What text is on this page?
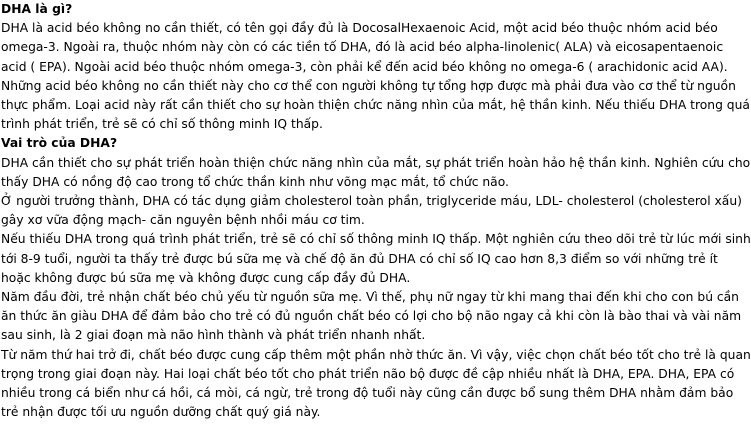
DHA là gì?

DHA là acid béo không no cần thiết, có tên gọi đầy đủ là DocosalHexaenoic Acid, một acid béo thuộc nhóm acid béo omega-3. Ngoài ra, thuộc nhóm này còn có các tiền tố DHA, đó là acid béo alpha-linolenic( ALA) và eicosapentaenoic acid ( EPA). Ngoài acid béo thuộc nhóm omega-3, còn phải kể đến acid béo không no omega-6 ( arachidonic acid AA). Những acid béo không no cần thiết này cho cơ thể con người không tự tổng hợp được mà phải đưa vào cơ thể từ nguồn thực phẩm. Loại acid này rất cần thiết cho sự hoàn thiện chức năng nhìn của mắt, hệ thần kinh. Nếu thiếu DHA trong quá trình phát triển, trẻ sẽ có chỉ số thông minh IQ thấp.

Vai trò của DHA?

DHA cần thiết cho sự phát triển hoàn thiện chức năng nhìn của mắt, sự phát triển hoàn hảo hệ thần kinh. Nghiên cứu cho thấy DHA có nồng độ cao trong tổ chức thần kinh như võng mạc mắt, tổ chức não.

Ở người trưởng thành, DHA có tác dụng giảm cholesterol toàn phần, triglyceride máu, LDL- cholesterol (cholesterol xấu) gây xơ vữa động mạch- căn nguyên bệnh nhồi máu cơ tim.

Nếu thiếu DHA trong quá trình phát triển, trẻ sẽ có chỉ số thông minh IQ thấp. Một nghiên cứu theo dõi trẻ từ lúc mới sinh tới 8-9 tuổi, người ta thấy trẻ được bú sữa mẹ và chế độ ăn đủ DHA có chỉ số IQ cao hơn 8,3 điểm so với những trẻ ít hoặc không được bú sữa mẹ và không được cung cấp đầy đủ DHA.

Năm đầu đời, trẻ nhận chất béo chủ yếu từ nguồn sữa mẹ. Vì thế, phụ nữ ngay từ khi mang thai đến khi cho con bú cần ăn thức ăn giàu DHA để đảm bảo cho trẻ có đủ nguồn chất béo có lợi cho bộ não ngay cả khi còn là bào thai và vài năm sau sinh, là 2 giai đoạn mà não hình thành và phát triển nhanh nhất.

Từ năm thứ hai trở đi, chất béo được cung cấp thêm một phần nhờ thức ăn. Vì vậy, việc chọn chất béo tốt cho trẻ là quan trọng trong giai đoạn này. Hai loại chất béo tốt cho phát triển não bộ được đề cập nhiều nhất là DHA, EPA. DHA, EPA có nhiều trong cá biển như cá hồi, cá mòi, cá ngừ, trẻ trong độ tuổi này cũng cần được bổ sung thêm DHA nhằm đảm bảo trẻ nhận được tối ưu nguồn dưỡng chất quý giá này.
